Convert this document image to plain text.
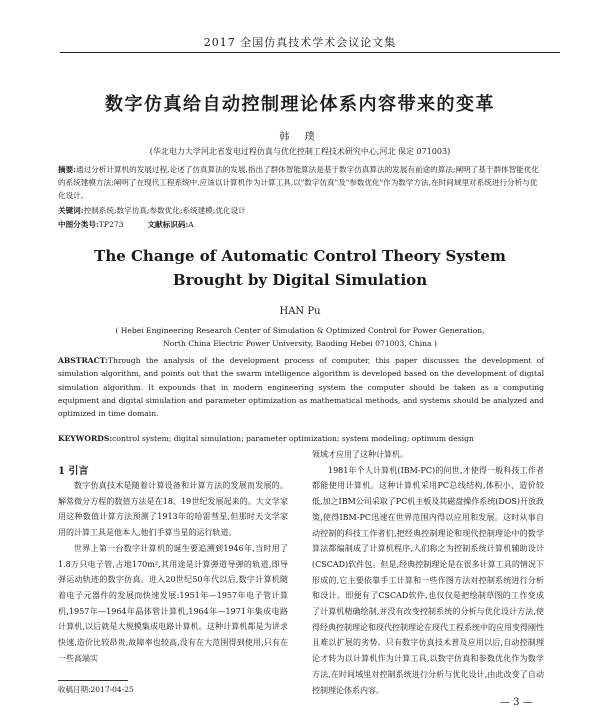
2017 全国仿真技术学术会议论文集
数字仿真给自动控制理论体系内容带来的变革
韩 璞
(华北电力大学河北省发电过程仿真与优化控制工程技术研究中心,河北 保定 071003)
摘要:通过分析计算机的发展过程,论述了仿真算法的发展,指出了群体智能算法是基于数字仿真算法的发展有前途的算法;阐明了基于群体智能优化的系统建模方法;阐明了在现代工程系统中,应该以计算机作为计算工具,以"数字仿真"及"参数优化"作为数学方法,在时间域里对系统进行分析与优化设计。
关键词:控制系统;数字仿真;参数优化;系统建模;优化设计
中图分类号:TP273	文献标识码:A
The Change of Automatic Control Theory System
Brought by Digital Simulation
HAN Pu
( Hebei Engineering Research Center of Simulation & Optimized Control for Power Generation,
North China Electric Power University, Baoding Hebei 071003, China )
ABSTRACT:Through the analysis of the development process of computer, this paper discusses the development of simulation algorithm, and points out that the swarm intelligence algorithm is developed based on the development of digital simulation algorithm. It expounds that in modern engineering system the computer should be taken as a computing equipment and digital simulation and parameter optimization as mathematical methods, and systems should be analyzed and optimized in time domain.
KEYWORDS:control system; digital simulation; parameter optimization; system modeling; optimum design
1 引言

数字仿真技术是随着计算设备和计算方法的发展而发展的。解常微分方程的数值方法是在18、19世纪发展起来的。大文学家用这种数值计算方法预测了1913年的哈雷彗星,但那时天文学家用的计算工具是他本人,他们手算当星的运行轨道。

世界上第一台数字计算机的诞生要追溯到1946年,当时用了1.8万只电子管,占地170m²,其用途是计算弹道导弹的轨道,即导弹运动轨迹的数字仿真。进入20世纪50年代以后,数字计算机随着电子元器件的发展而快速发展:1951年—1957年电子管计算机,1957年—1964年晶体管计算机,1964年—1971年集成电路计算机,以后就是大规模集成电路计算机。这种计算机都是为讲求快速,造价比较昂贵,故障率也较高,没有在大范围得到使用,只有在一些高端实

领域才应用了这种计算机。

1981年个人计算机(IBM-PC)的问世,才使得一般科技工作者都能使用计算机。这种计算机采用PC总线结构,体积小、造价较低,加之IBM公司采取了PC机主板及其磁盘操作系统(DOS)开放政策,使得IBM-PC迅速在世界范围内得以应用和发展。这时从事自动控制的科技工作者们,把经典控制理论和现代控制理论中的数学算法都编制成了计算机程序,人们称之为控制系统计算机辅助设计(CSCAD)软件包。但是,经典控制理论是在很多计算工具的情况下形成的,它主要依靠手工计算和一些作图方法对控制系统进行分析和设计。即便有了CSCAD软件,也仅仅是把绘制草图的工作变成了计算机精确绘制,并没有改变控制系统的分析与优化设计方法,使得经典控制理论和现代控制理论在现代工程系统中的应用变得刚性且难以扩展的劣势。只有数字仿真技术普及应用以后,自动控制理论才转为以计算机作为计算工具,以数字仿真和参数优化作为数学方法,在时间域里对控制系统进行分析与优化设计,由此改变了自动控制理论体系内容。

收稿日期:2017-04-25
— 3 —
